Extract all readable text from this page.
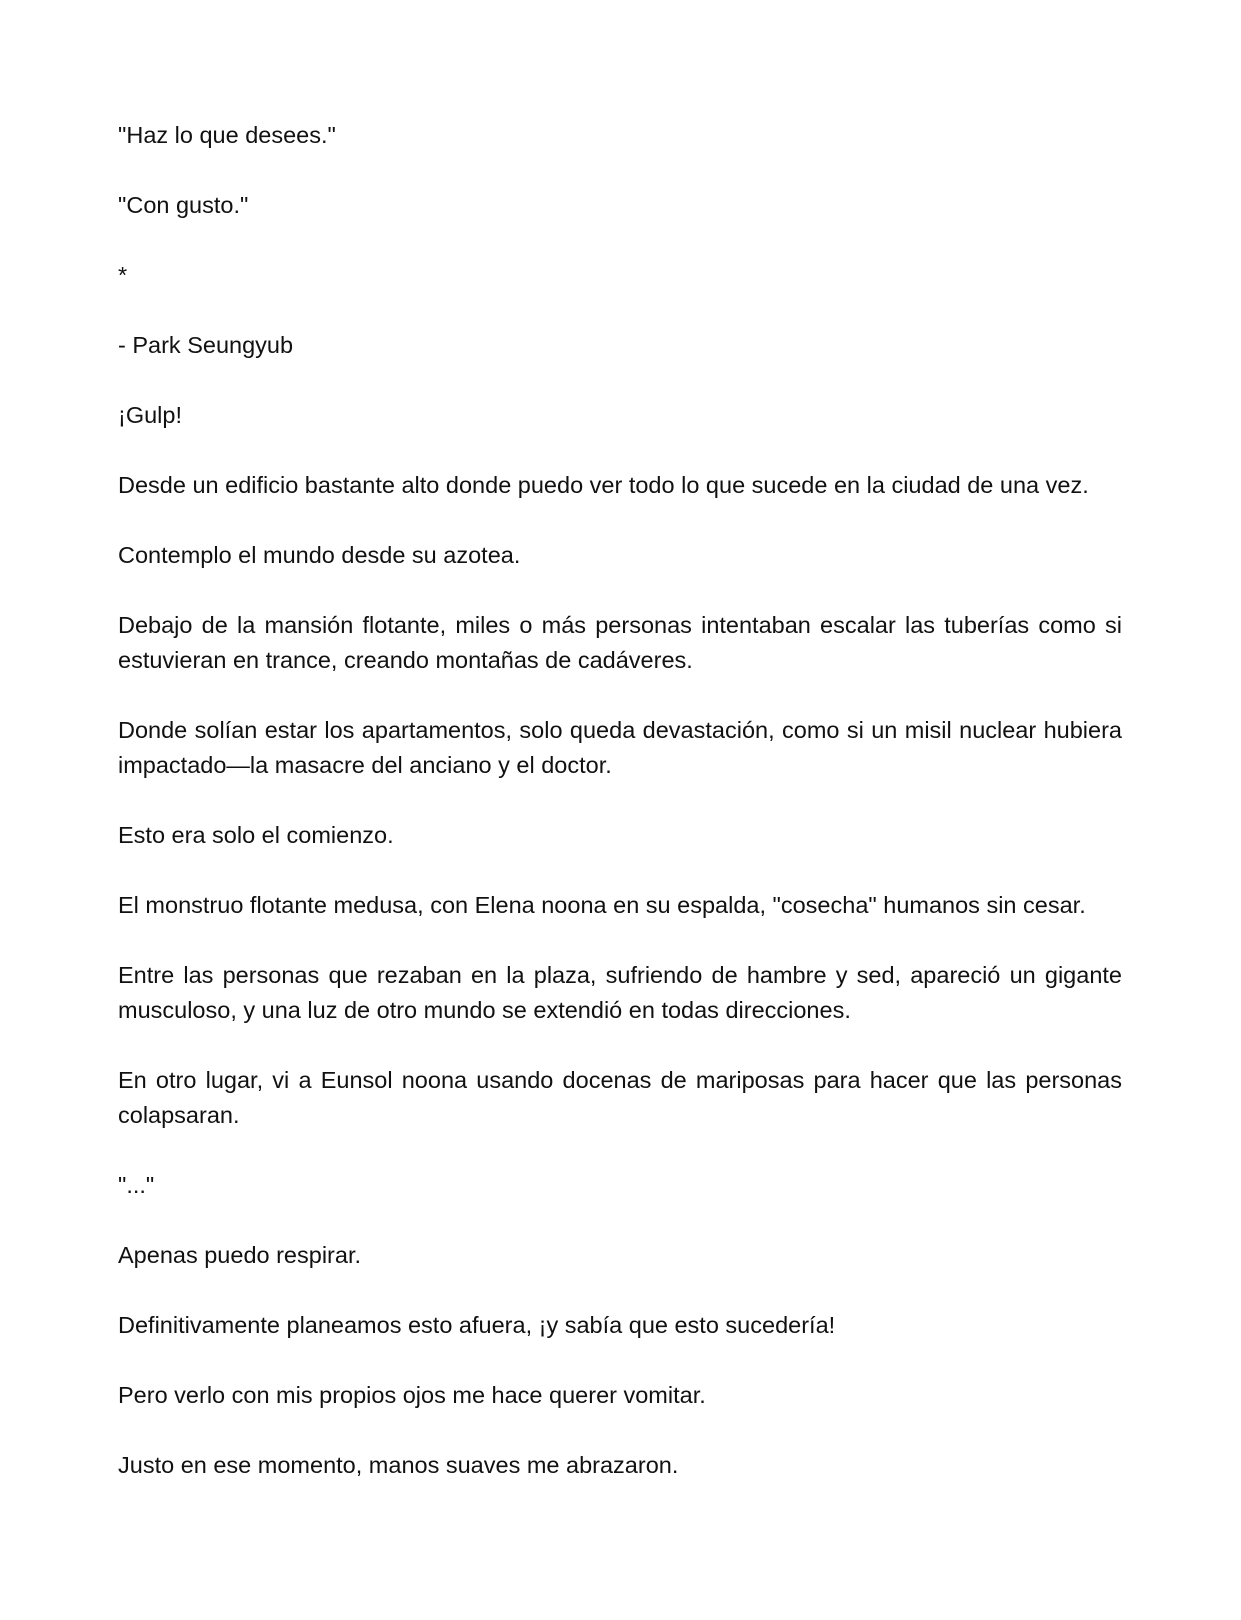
"Haz lo que desees."

"Con gusto."

*

- Park Seungyub

¡Gulp!

Desde un edificio bastante alto donde puedo ver todo lo que sucede en la ciudad de una vez.

Contemplo el mundo desde su azotea.

Debajo de la mansión flotante, miles o más personas intentaban escalar las tuberías como si estuvieran en trance, creando montañas de cadáveres.

Donde solían estar los apartamentos, solo queda devastación, como si un misil nuclear hubiera impactado—la masacre del anciano y el doctor.

Esto era solo el comienzo.

El monstruo flotante medusa, con Elena noona en su espalda, "cosecha" humanos sin cesar.

Entre las personas que rezaban en la plaza, sufriendo de hambre y sed, apareció un gigante musculoso, y una luz de otro mundo se extendió en todas direcciones.

En otro lugar, vi a Eunsol noona usando docenas de mariposas para hacer que las personas colapsaran.

"..."

Apenas puedo respirar.

Definitivamente planeamos esto afuera, ¡y sabía que esto sucedería!

Pero verlo con mis propios ojos me hace querer vomitar.

Justo en ese momento, manos suaves me abrazaron.
